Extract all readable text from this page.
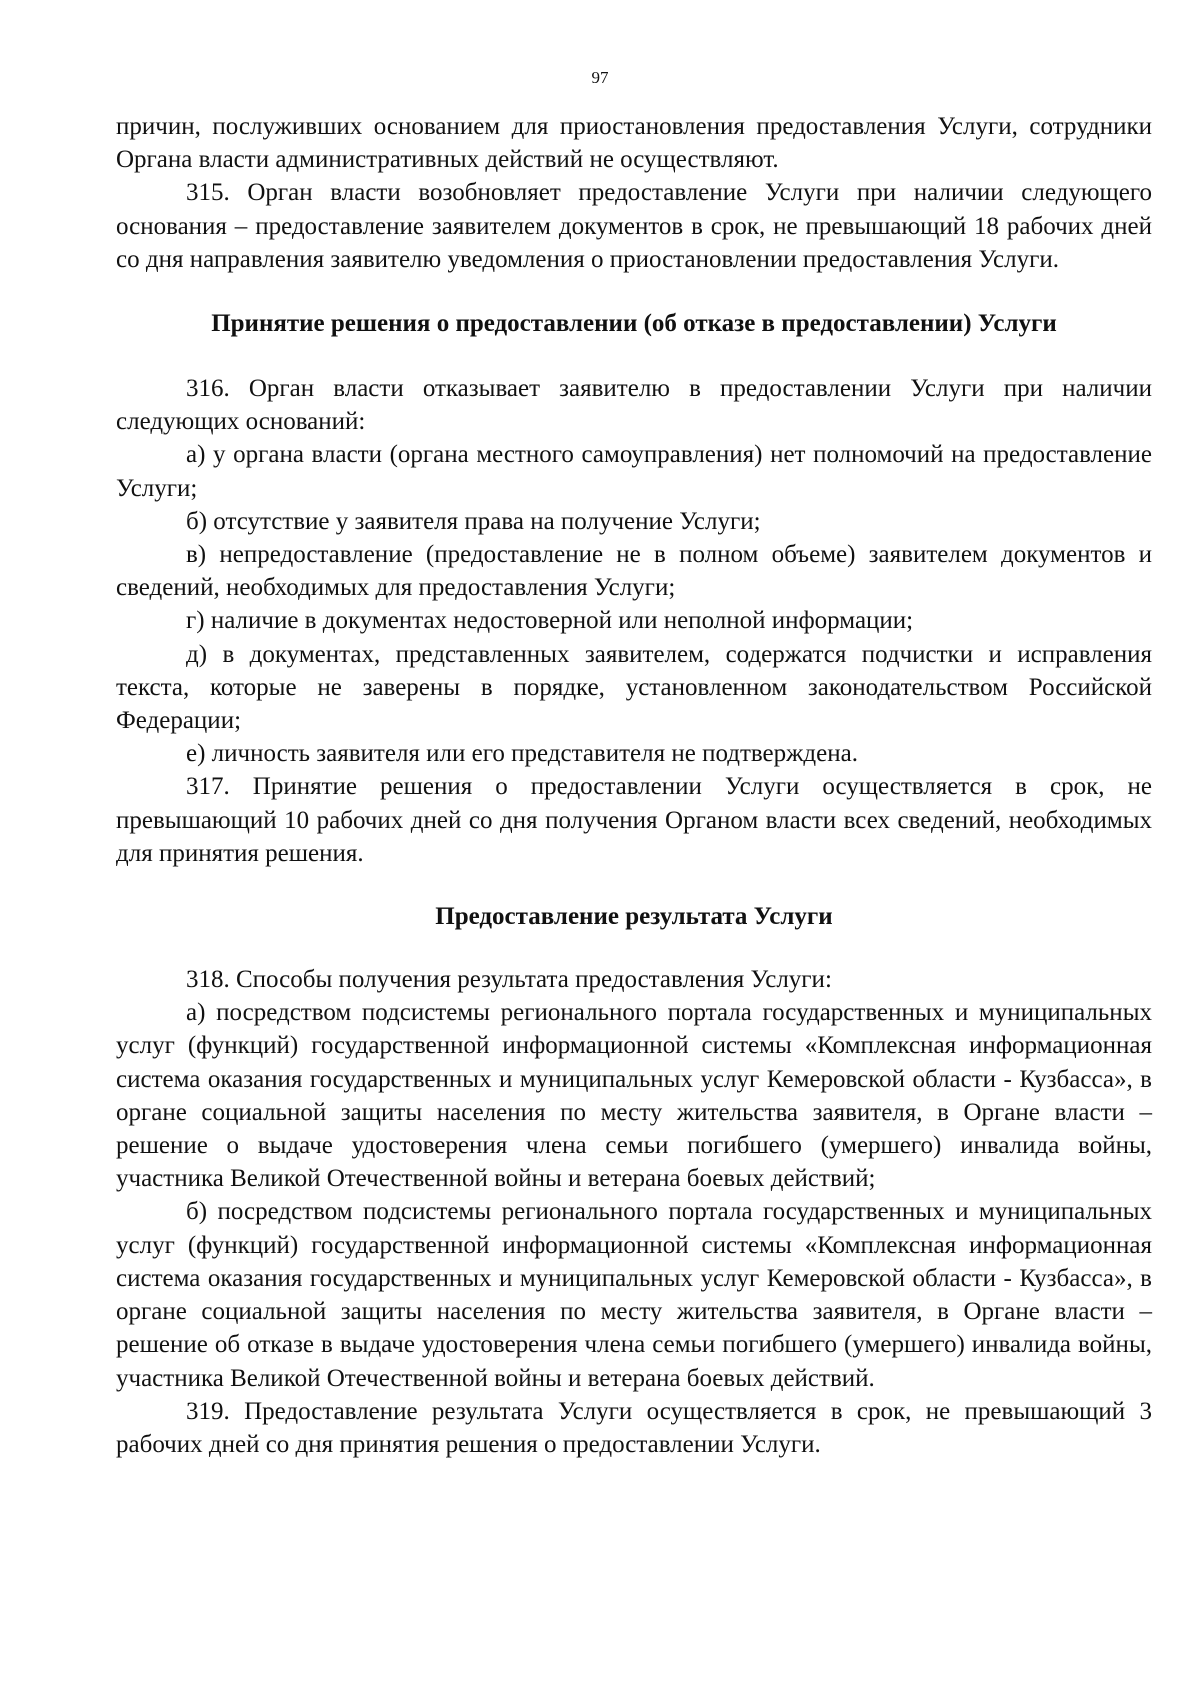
97

причин, послуживших основанием для приостановления предоставления Услуги, сотрудники Органа власти административных действий не осуществляют.

315. Орган власти возобновляет предоставление Услуги при наличии следующего основания – предоставление заявителем документов в срок, не превышающий 18 рабочих дней со дня направления заявителю уведомления о приостановлении предоставления Услуги.

Принятие решения о предоставлении (об отказе в предоставлении) Услуги

316. Орган власти отказывает заявителю в предоставлении Услуги при наличии следующих оснований:

а) у органа власти (органа местного самоуправления) нет полномочий на предоставление Услуги;

б) отсутствие у заявителя права на получение Услуги;

в) непредоставление (предоставление не в полном объеме) заявителем документов и сведений, необходимых для предоставления Услуги;

г) наличие в документах недостоверной или неполной информации;

д) в документах, представленных заявителем, содержатся подчистки и исправления текста, которые не заверены в порядке, установленном законодательством Российской Федерации;

е) личность заявителя или его представителя не подтверждена.

317. Принятие решения о предоставлении Услуги осуществляется в срок, не превышающий 10 рабочих дней со дня получения Органом власти всех сведений, необходимых для принятия решения.

Предоставление результата Услуги

318. Способы получения результата предоставления Услуги:

а) посредством подсистемы регионального портала государственных и муниципальных услуг (функций) государственной информационной системы «Комплексная информационная система оказания государственных и муниципальных услуг Кемеровской области - Кузбасса», в органе социальной защиты населения по месту жительства заявителя, в Органе власти – решение о выдаче удостоверения члена семьи погибшего (умершего) инвалида войны, участника Великой Отечественной войны и ветерана боевых действий;

б) посредством подсистемы регионального портала государственных и муниципальных услуг (функций) государственной информационной системы «Комплексная информационная система оказания государственных и муниципальных услуг Кемеровской области - Кузбасса», в органе социальной защиты населения по месту жительства заявителя, в Органе власти – решение об отказе в выдаче удостоверения члена семьи погибшего (умершего) инвалида войны, участника Великой Отечественной войны и ветерана боевых действий.

319. Предоставление результата Услуги осуществляется в срок, не превышающий 3 рабочих дней со дня принятия решения о предоставлении Услуги.
